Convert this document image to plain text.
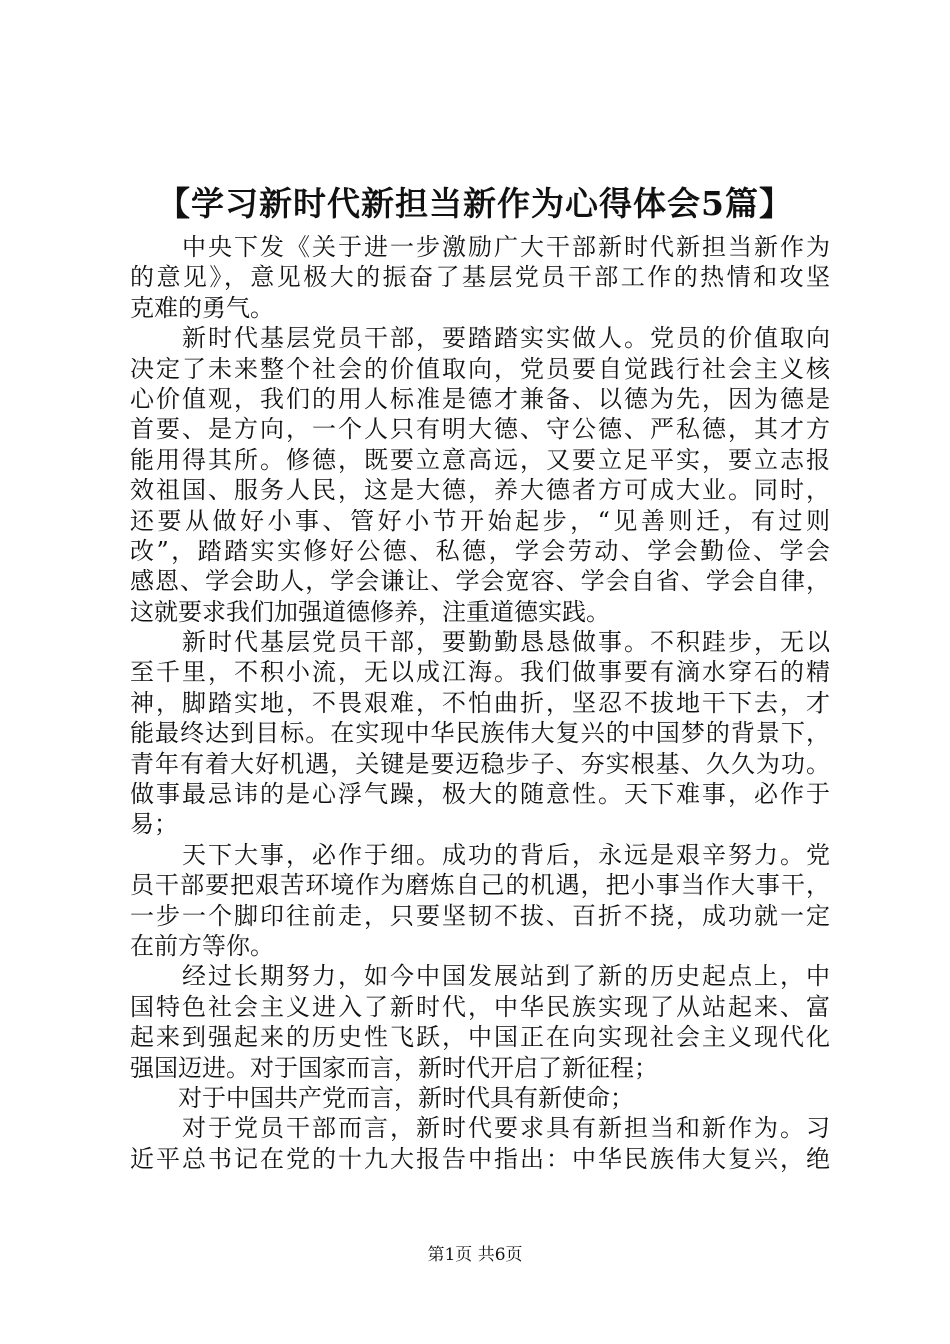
【学习新时代新担当新作为心得体会5篇】
中央下发《关于进一步激励广大干部新时代新担当新作为
的意见》，意见极大的振奋了基层党员干部工作的热情和攻坚
克难的勇气。
新时代基层党员干部，要踏踏实实做人。党员的价值取向
决定了未来整个社会的价值取向，党员要自觉践行社会主义核
心价值观，我们的用人标准是德才兼备、以德为先，因为德是
首要、是方向，一个人只有明大德、守公德、严私德，其才方
能用得其所。修德，既要立意高远，又要立足平实，要立志报
效祖国、服务人民，这是大德，养大德者方可成大业。同时，
还要从做好小事、管好小节开始起步，“见善则迁，有过则
改”，踏踏实实修好公德、私德，学会劳动、学会勤俭、学会
感恩、学会助人，学会谦让、学会宽容、学会自省、学会自律，
这就要求我们加强道德修养，注重道德实践。
新时代基层党员干部，要勤勤恳恳做事。不积跬步，无以
至千里，不积小流，无以成江海。我们做事要有滴水穿石的精
神，脚踏实地，不畏艰难，不怕曲折，坚忍不拔地干下去，才
能最终达到目标。在实现中华民族伟大复兴的中国梦的背景下，
青年有着大好机遇，关键是要迈稳步子、夯实根基、久久为功。
做事最忌讳的是心浮气躁，极大的随意性。天下难事，必作于
易；
天下大事，必作于细。成功的背后，永远是艰辛努力。党
员干部要把艰苦环境作为磨炼自己的机遇，把小事当作大事干，
一步一个脚印往前走，只要坚韧不拔、百折不挠，成功就一定
在前方等你。
经过长期努力，如今中国发展站到了新的历史起点上，中
国特色社会主义进入了新时代，中华民族实现了从站起来、富
起来到强起来的历史性飞跃，中国正在向实现社会主义现代化
强国迈进。对于国家而言，新时代开启了新征程；
对于中国共产党而言，新时代具有新使命；
对于党员干部而言，新时代要求具有新担当和新作为。习
近平总书记在党的十九大报告中指出：中华民族伟大复兴，绝
第1页 共6页
